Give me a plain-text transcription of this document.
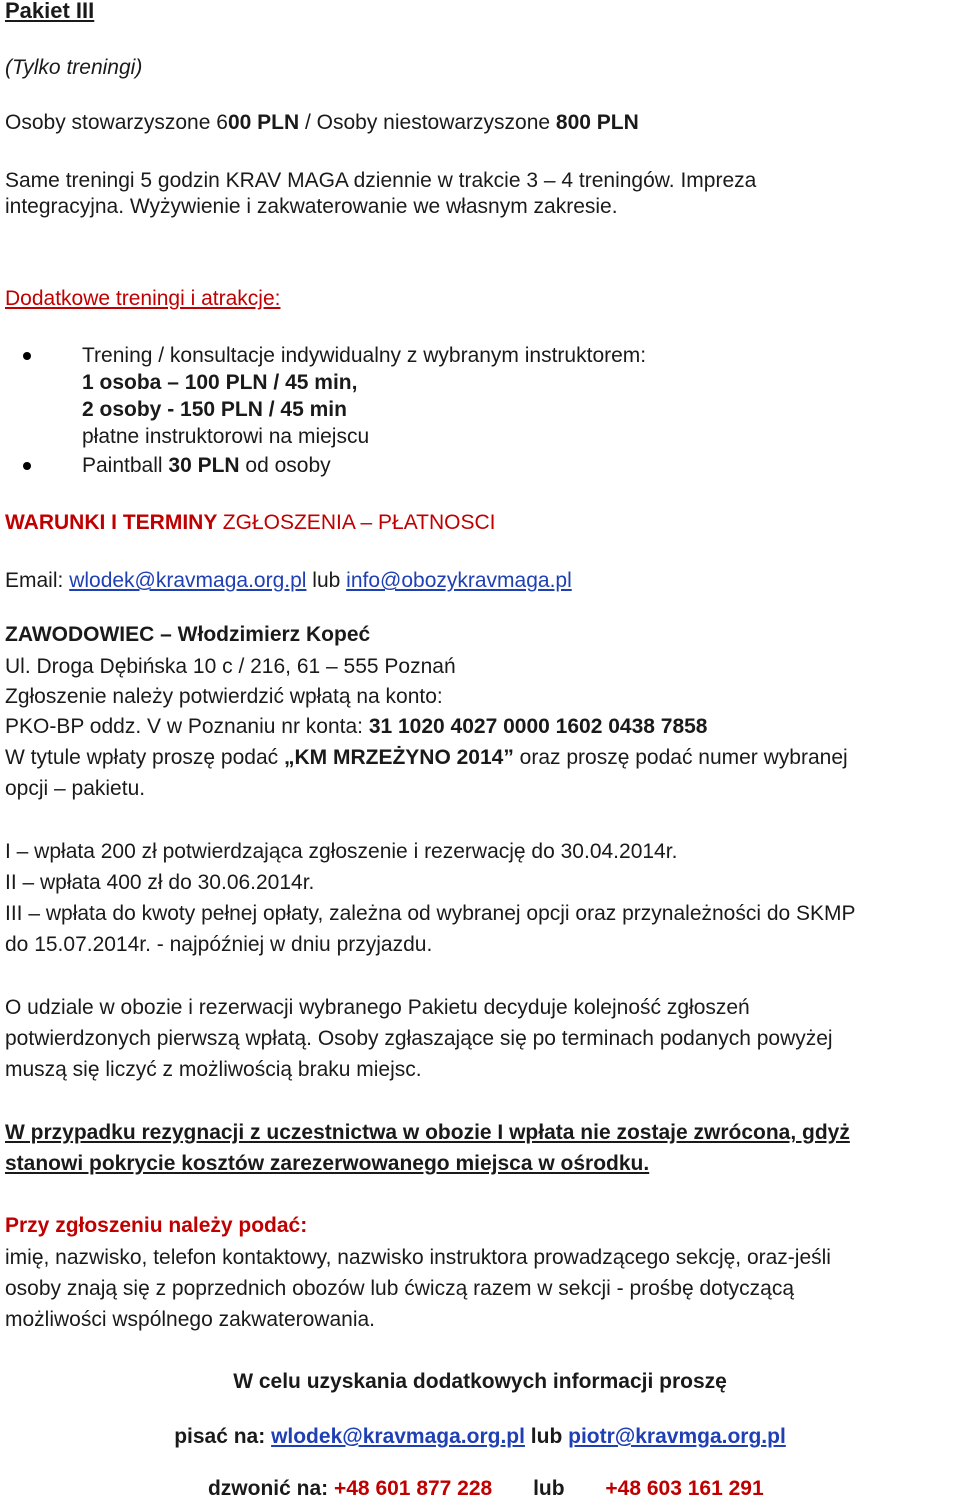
Pakiet III
(Tylko treningi)
Osoby stowarzyszone 600 PLN / Osoby niestowarzyszone 800 PLN
Same treningi 5 godzin KRAV MAGA dziennie w trakcie 3 – 4 treningów. Impreza
integracyjna. Wyżywienie i zakwaterowanie we własnym zakresie.
Dodatkowe treningi i atrakcje:
Trening / konsultacje indywidualny z wybranym instruktorem:
1 osoba – 100 PLN / 45 min,
2 osoby - 150 PLN / 45 min
płatne instruktorowi na miejscu
Paintball 30 PLN od osoby
WARUNKI I TERMINY ZGŁOSZENIA – PŁATNOSCI
Email: wlodek@kravmaga.org.pl lub info@obozykravmaga.pl
ZAWODOWIEC – Włodzimierz Kopeć
Ul. Droga Dębińska 10 c / 216, 61 – 555 Poznań
Zgłoszenie należy potwierdzić wpłatą na konto:
PKO-BP oddz. V w Poznaniu nr konta: 31 1020 4027 0000 1602 0438 7858
W tytule wpłaty proszę podać „KM MRZEŻYNO 2014” oraz proszę podać numer wybranej
opcji – pakietu.
I – wpłata 200 zł potwierdzająca zgłoszenie i rezerwację do 30.04.2014r.
II – wpłata 400 zł do 30.06.2014r.
III – wpłata do kwoty pełnej opłaty, zależna od wybranej opcji oraz przynależności do SKMP
do 15.07.2014r. - najpóźniej w dniu przyjazdu.
O udziale w obozie i rezerwacji wybranego Pakietu decyduje kolejność zgłoszeń
potwierdzonych pierwszą wpłatą. Osoby zgłaszające się po terminach podanych powyżej
muszą się liczyć z możliwością braku miejsc.
W przypadku rezygnacji z uczestnictwa w obozie I wpłata nie zostaje zwrócona, gdyż
stanowi pokrycie kosztów zarezerwowanego miejsca w ośrodku.
Przy zgłoszeniu należy podać:
imię, nazwisko, telefon kontaktowy, nazwisko instruktora prowadzącego sekcję, oraz-jeśli
osoby znają się z poprzednich obozów lub ćwiczą razem w sekcji - prośbę dotyczącą
możliwości wspólnego zakwaterowania.
W celu uzyskania dodatkowych informacji proszę
pisać na: wlodek@kravmaga.org.pl lub piotr@kravmga.org.pl

dzwonić na: +48 601 877 228       lub       +48 603 161 291
